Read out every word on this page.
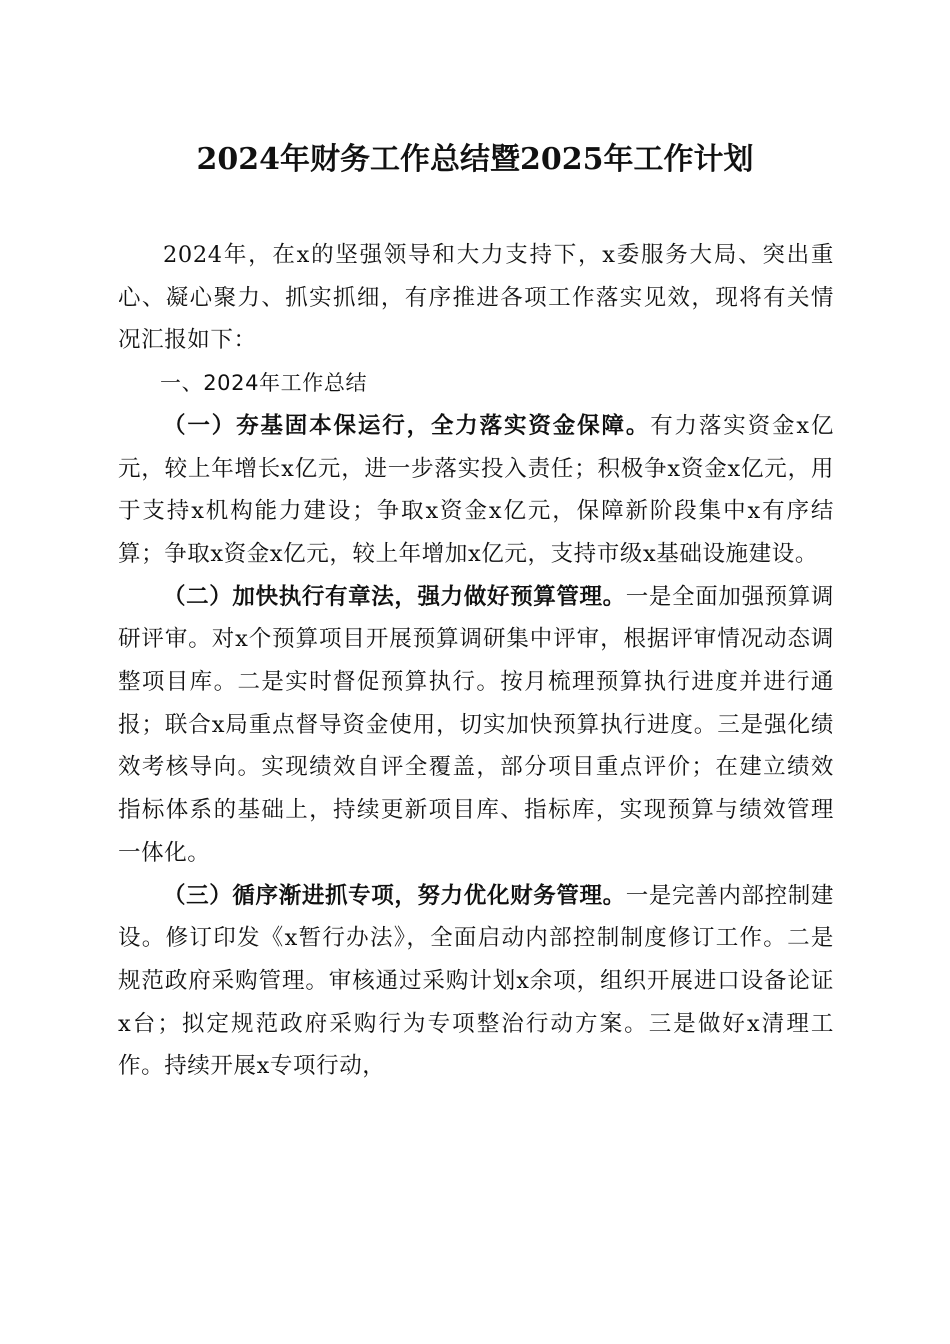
2024年财务工作总结暨2025年工作计划

2024年，在x的坚强领导和大力支持下，x委服务大局、突出重心、凝心聚力、抓实抓细，有序推进各项工作落实见效，现将有关情况汇报如下：

一、2024年工作总结

（一）夯基固本保运行，全力落实资金保障。有力落实资金x亿元，较上年增长x亿元，进一步落实投入责任；积极争x资金x亿元，用于支持x机构能力建设；争取x资金x亿元，保障新阶段集中x有序结算；争取x资金x亿元，较上年增加x亿元，支持市级x基础设施建设。

（二）加快执行有章法，强力做好预算管理。一是全面加强预算调研评审。对x个预算项目开展预算调研集中评审，根据评审情况动态调整项目库。二是实时督促预算执行。按月梳理预算执行进度并进行通报；联合x局重点督导资金使用，切实加快预算执行进度。三是强化绩效考核导向。实现绩效自评全覆盖，部分项目重点评价；在建立绩效指标体系的基础上，持续更新项目库、指标库，实现预算与绩效管理一体化。

（三）循序渐进抓专项，努力优化财务管理。一是完善内部控制建设。修订印发《x暂行办法》，全面启动内部控制制度修订工作。二是规范政府采购管理。审核通过采购计划x余项，组织开展进口设备论证x台；拟定规范政府采购行为专项整治行动方案。三是做好x清理工作。持续开展x专项行动，
